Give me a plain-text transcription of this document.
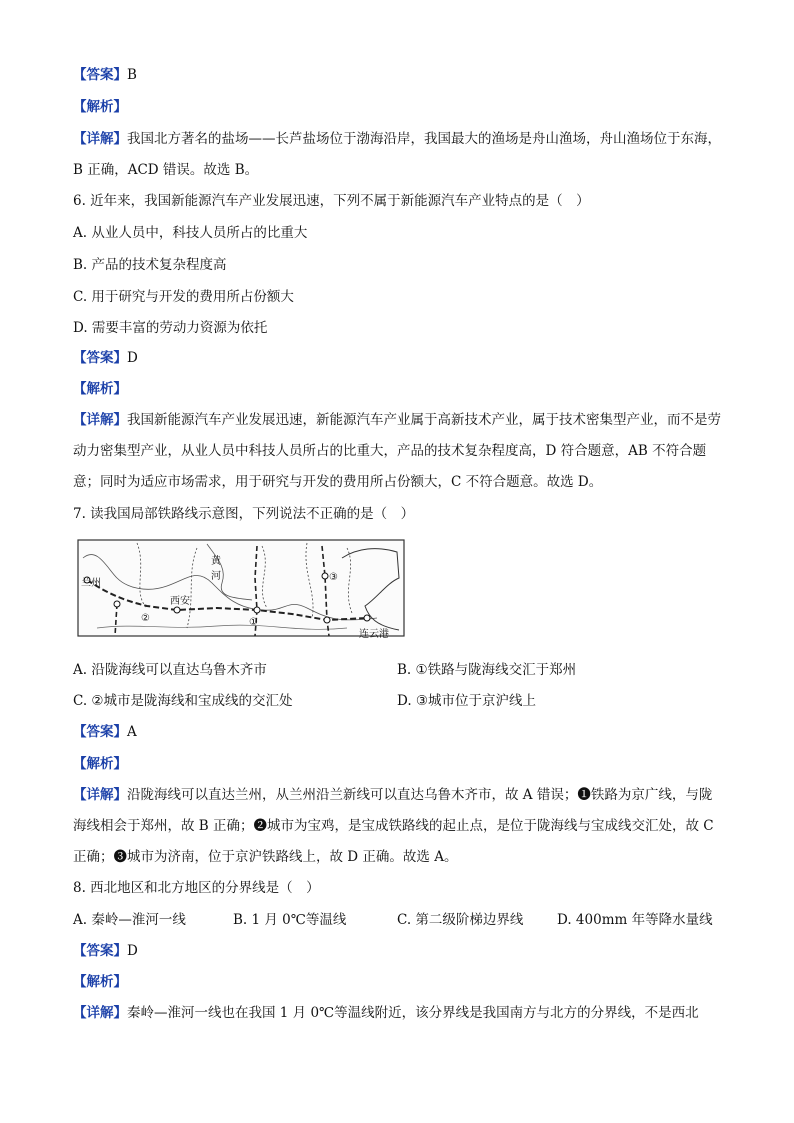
【答案】B
【解析】
【详解】我国北方著名的盐场——长芦盐场位于渤海沿岸，我国最大的渔场是舟山渔场，舟山渔场位于东海，B 正确，ACD 错误。故选 B。
6. 近年来，我国新能源汽车产业发展迅速，下列不属于新能源汽车产业特点的是（　）
A. 从业人员中，科技人员所占的比重大
B. 产品的技术复杂程度高
C. 用于研究与开发的费用所占份额大
D. 需要丰富的劳动力资源为依托
【答案】D
【解析】
【详解】我国新能源汽车产业发展迅速，新能源汽车产业属于高新技术产业，属于技术密集型产业，而不是劳动力密集型产业，从业人员中科技人员所占的比重大，产品的技术复杂程度高，D 符合题意，AB 不符合题意；同时为适应市场需求，用于研究与开发的费用所占份额大，C 不符合题意。故选 D。
7. 读我国局部铁路线示意图，下列说法不正确的是（　）
兰州
西安
黄
河
连云港
①
②
③
A. 沿陇海线可以直达乌鲁木齐市	B. ①铁路与陇海线交汇于郑州
C. ②城市是陇海线和宝成线的交汇处	D. ③城市位于京沪线上
【答案】A
【解析】
【详解】沿陇海线可以直达兰州，从兰州沿兰新线可以直达乌鲁木齐市，故 A 错误；❶铁路为京广线，与陇海线相会于郑州，故 B 正确；❷城市为宝鸡，是宝成铁路线的起止点，是位于陇海线与宝成线交汇处，故 C 正确；❸城市为济南，位于京沪铁路线上，故 D 正确。故选 A。
8. 西北地区和北方地区的分界线是（　）
A. 秦岭—淮河一线	B. 1 月 0℃等温线	C. 第二级阶梯边界线 D. 400mm 年等降水量线
【答案】D
【解析】
【详解】秦岭—淮河一线也在我国 1 月 0℃等温线附近，该分界线是我国南方与北方的分界线，不是西北
